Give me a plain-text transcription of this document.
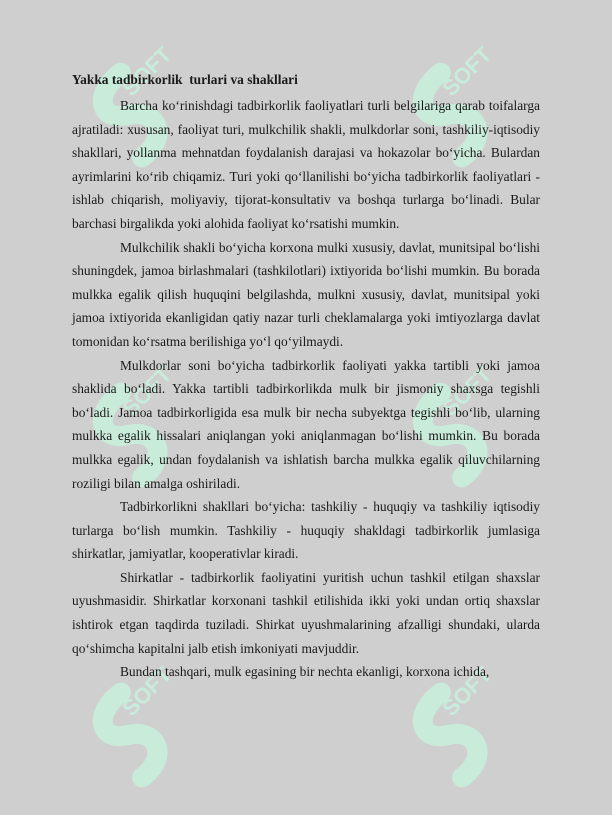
SOFT	SOFT
SOFT	SOFT
SOFT	SOFT

Yakka tadbirkorlik  turlari va shakllari

Barcha ko‘rinishdagi tadbirkorlik faoliyatlari turli belgilariga qarab toifalarga ajratiladi: xususan, faoliyat turi, mulkchilik shakli, mulkdorlar soni, tashkiliy-iqtisodiy shakllari, yollanma mehnatdan foydalanish darajasi va hokazolar bo‘yicha. Bulardan ayrimlarini ko‘rib chiqamiz. Turi yoki qo‘llanilishi bo‘yicha tadbirkorlik faoliyatlari - ishlab chiqarish, moliyaviy, tijorat-konsultativ va boshqa turlarga bo‘linadi. Bular barchasi birgalikda yoki alohida faoliyat ko‘rsatishi mumkin.

Mulkchilik shakli bo‘yicha korxona mulki xususiy, davlat, munitsipal bo‘lishi shuningdek, jamoa birlashmalari (tashkilotlari) ixtiyorida bo‘lishi mumkin. Bu borada mulkka egalik qilish huquqini belgilashda, mulkni xususiy, davlat, munitsipal yoki jamoa ixtiyorida ekanligidan qatiy nazar turli cheklamalarga yoki imtiyozlarga davlat tomonidan ko‘rsatma berilishiga yo‘l qo‘yilmaydi.

Mulkdorlar soni bo‘yicha tadbirkorlik faoliyati yakka tartibli yoki jamoa shaklida bo‘ladi. Yakka tartibli tadbirkorlikda mulk bir jismoniy shaxsga tegishli bo‘ladi. Jamoa tadbirkorligida esa mulk bir necha subyektga tegishli bo‘lib, ularning mulkka egalik hissalari aniqlangan yoki aniqlanmagan bo‘lishi mumkin. Bu borada mulkka egalik, undan foydalanish va ishlatish barcha mulkka egalik qiluvchilarning roziligi bilan amalga oshiriladi.

Tadbirkorlikni shakllari bo‘yicha: tashkiliy - huquqiy va tashkiliy iqtisodiy turlarga bo‘lish mumkin. Tashkiliy - huquqiy shakldagi tadbirkorlik jumlasiga shirkatlar, jamiyatlar, kooperativlar kiradi.

Shirkatlar - tadbirkorlik faoliyatini yuritish uchun tashkil etilgan shaxslar uyushmasidir. Shirkatlar korxonani tashkil etilishida ikki yoki undan ortiq shaxslar ishtirok etgan taqdirda tuziladi. Shirkat uyushmalarining afzalligi shundaki, ularda qo‘shimcha kapitalni jalb etish imkoniyati mavjuddir.

Bundan tashqari, mulk egasining bir nechta ekanligi, korxona ichida,
